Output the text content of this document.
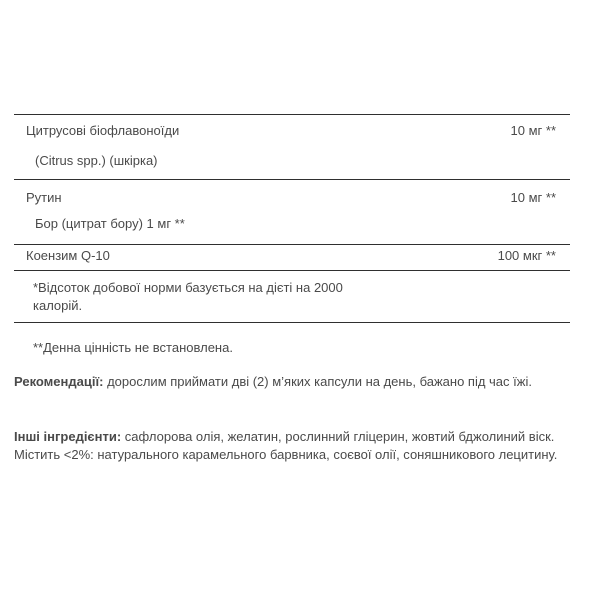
Цитрусові біофлавоноїди	10 мг **
(Citrus spp.) (шкірка)
Рутин	10 мг **
Бор (цитрат бору) 1 мг **
Коензим Q-10	100 мкг **
*Відсоток добової норми базується на дієті на 2000 калорій.
**Денна цінність не встановлена.
Рекомендації: дорослим приймати дві (2) м’яких капсули на день, бажано під час їжі.
Інші інгредієнти: сафлорова олія, желатин, рослинний гліцерин, жовтий бджолиний віск. Містить <2%: натурального карамельного барвника, соєвої олії, соняшникового лецитину.
